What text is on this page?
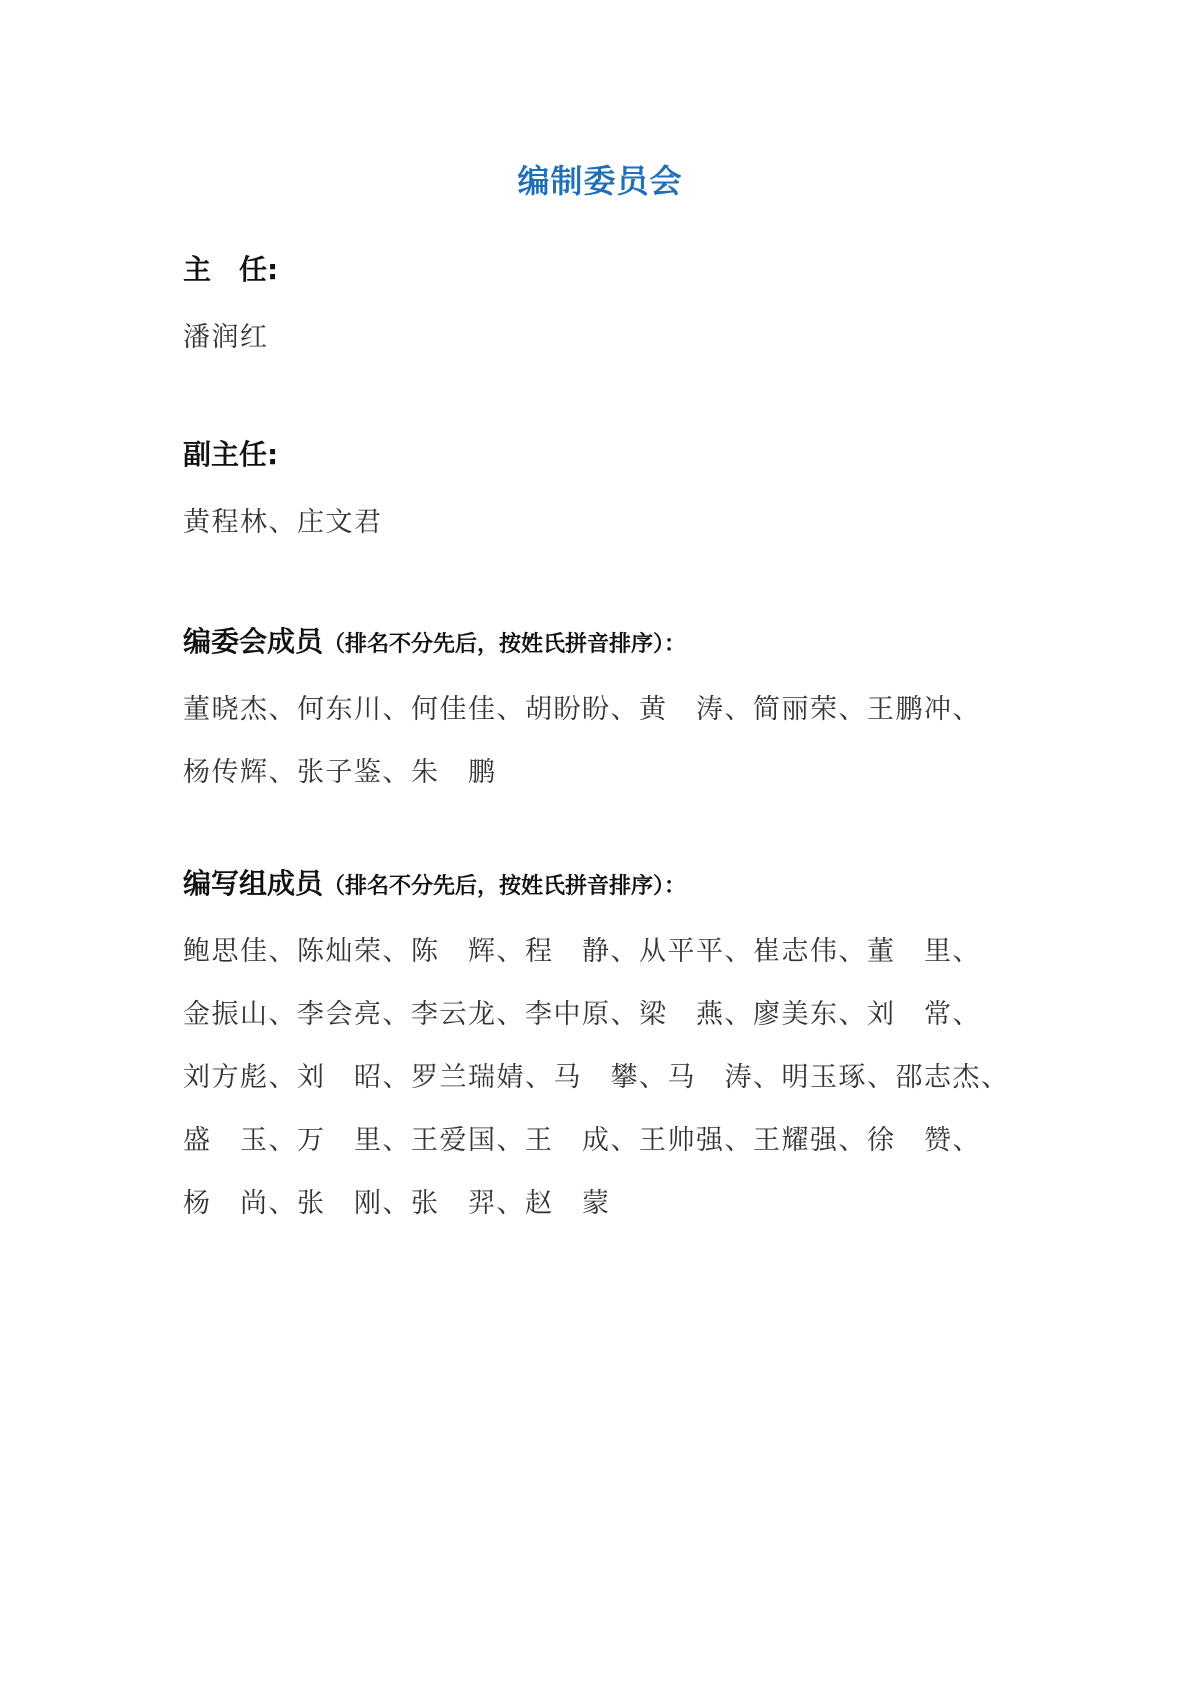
编制委员会
主　任:
潘润红
副主任:
黄程林、庄文君
编委会成员（排名不分先后，按姓氏拼音排序）：
董晓杰、何东川、何佳佳、胡盼盼、黄　涛、简丽荣、王鹏冲、
杨传辉、张子鉴、朱　鹏
编写组成员（排名不分先后，按姓氏拼音排序）：
鲍思佳、陈灿荣、陈　辉、程　静、从平平、崔志伟、董　里、
金振山、李会亮、李云龙、李中原、梁　燕、廖美东、刘　常、
刘方彪、刘　昭、罗兰瑞婧、马　攀、马　涛、明玉琢、邵志杰、
盛　玉、万　里、王爱国、王　成、王帅强、王耀强、徐　赞、
杨　尚、张　刚、张　羿、赵　蒙
